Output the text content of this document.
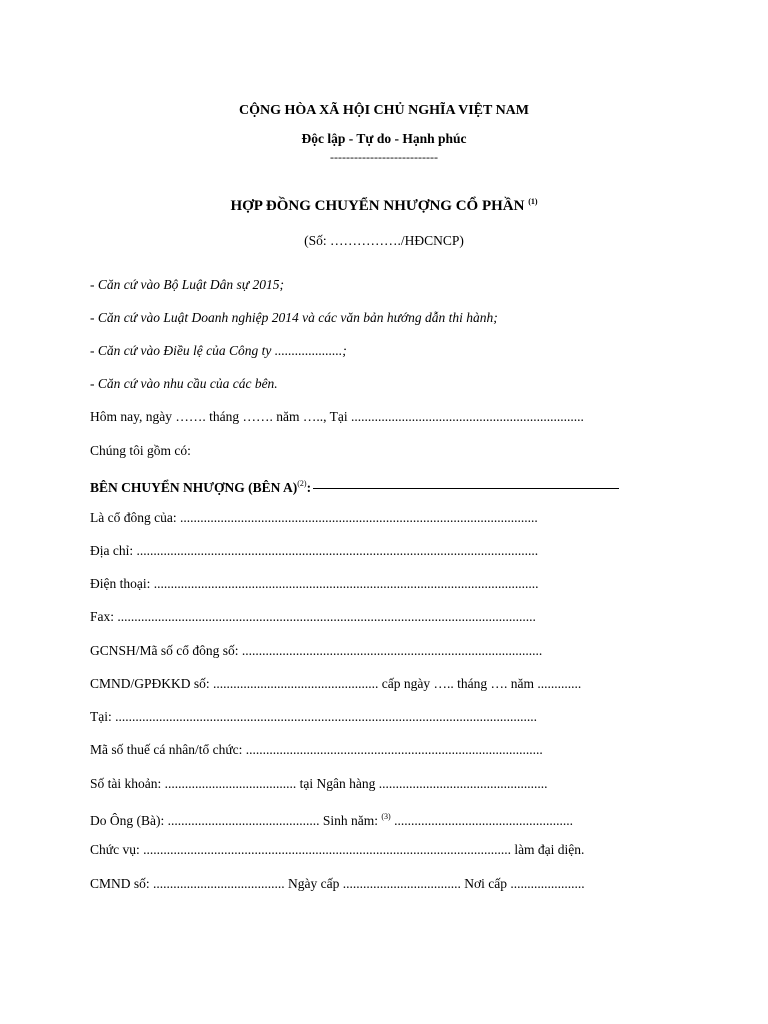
CỘNG HÒA XÃ HỘI CHỦ NGHĨA VIỆT NAM
Độc lập - Tự do - Hạnh phúc
---------------------------
HỢP ĐỒNG CHUYỂN NHƯỢNG CỔ PHẦN $^{(1)}$
(Số: ……………./HĐCNCP)
- Căn cứ vào Bộ Luật Dân sự 2015;
- Căn cứ vào Luật Doanh nghiệp 2014 và các văn bản hướng dẫn thi hành;
- Căn cứ vào Điều lệ của Công ty ....................;
- Căn cứ vào nhu cầu của các bên.
Hôm nay, ngày ……. tháng ……. năm ….., Tại .....................................................................
Chúng tôi gồm có:
BÊN CHUYỂN NHƯỢNG (BÊN A)$^{(2)}$:
Là cổ đông của: ..........................................................................................................
Địa chỉ: .......................................................................................................................
Điện thoại: ..................................................................................................................
Fax: ............................................................................................................................
GCNSH/Mã số cổ đông số: .........................................................................................
CMND/GPĐKKD số: ................................................. cấp ngày ….. tháng …. năm .............
Tại: .............................................................................................................................
Mã số thuế cá nhân/tổ chức: ........................................................................................
Số tài khoản: ....................................... tại Ngân hàng ..................................................
Do Ông (Bà): ............................................. Sinh năm: $^{(3)}$ .....................................................
Chức vụ: ............................................................................................................. làm đại diện.
CMND số: ....................................... Ngày cấp ................................... Nơi cấp ......................
